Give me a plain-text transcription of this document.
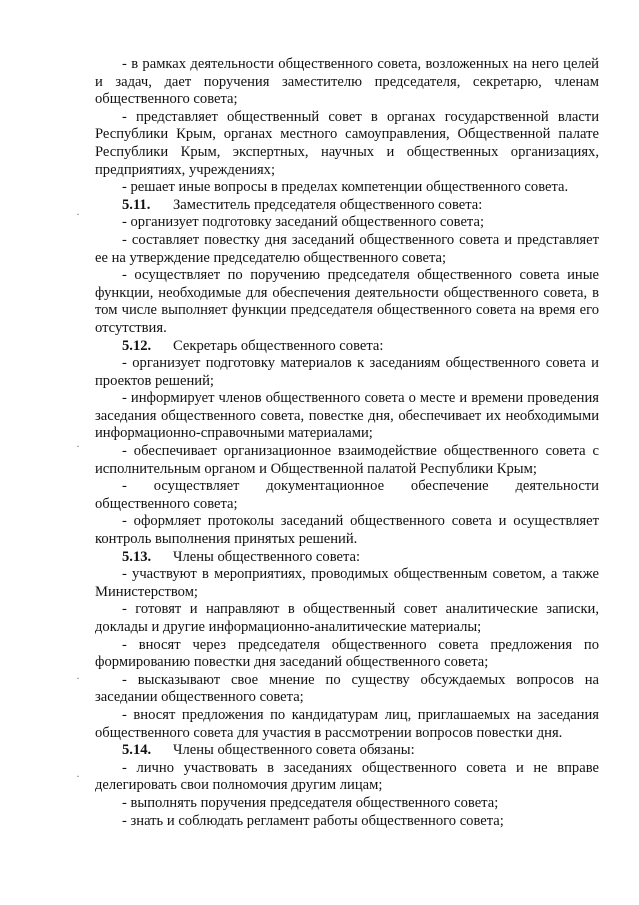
·
·
·
·

- в рамках деятельности общественного совета, возложенных на него целей и задач, дает поручения заместителю председателя, секретарю, членам общественного совета;

- представляет общественный совет в органах государственной власти Республики Крым, органах местного самоуправления, Общественной палате Республики Крым, экспертных, научных и общественных организациях, предприятиях, учреждениях;

- решает иные вопросы в пределах компетенции общественного совета.

5.11. Заместитель председателя общественного совета:

- организует подготовку заседаний общественного совета;

- составляет повестку дня заседаний общественного совета и представляет ее на утверждение председателю общественного совета;

- осуществляет по поручению председателя общественного совета иные функции, необходимые для обеспечения деятельности общественного совета, в том числе выполняет функции председателя общественного совета на время его отсутствия.

5.12. Секретарь общественного совета:

- организует подготовку материалов к заседаниям общественного совета и проектов решений;

- информирует членов общественного совета о месте и времени проведения заседания общественного совета, повестке дня, обеспечивает их необходимыми информационно-справочными материалами;

- обеспечивает организационное взаимодействие общественного совета с исполнительным органом и Общественной палатой Республики Крым;

- осуществляет документационное обеспечение деятельности общественного совета;

- оформляет протоколы заседаний общественного совета и осуществляет контроль выполнения принятых решений.

5.13. Члены общественного совета:

- участвуют в мероприятиях, проводимых общественным советом, а также Министерством;

- готовят и направляют в общественный совет аналитические записки, доклады и другие информационно-аналитические материалы;

- вносят через председателя общественного совета предложения по формированию повестки дня заседаний общественного совета;

- высказывают свое мнение по существу обсуждаемых вопросов на заседании общественного совета;

- вносят предложения по кандидатурам лиц, приглашаемых на заседания общественного совета для участия в рассмотрении вопросов повестки дня.

5.14. Члены общественного совета обязаны:

- лично участвовать в заседаниях общественного совета и не вправе делегировать свои полномочия другим лицам;

- выполнять поручения председателя общественного совета;

- знать и соблюдать регламент работы общественного совета;
